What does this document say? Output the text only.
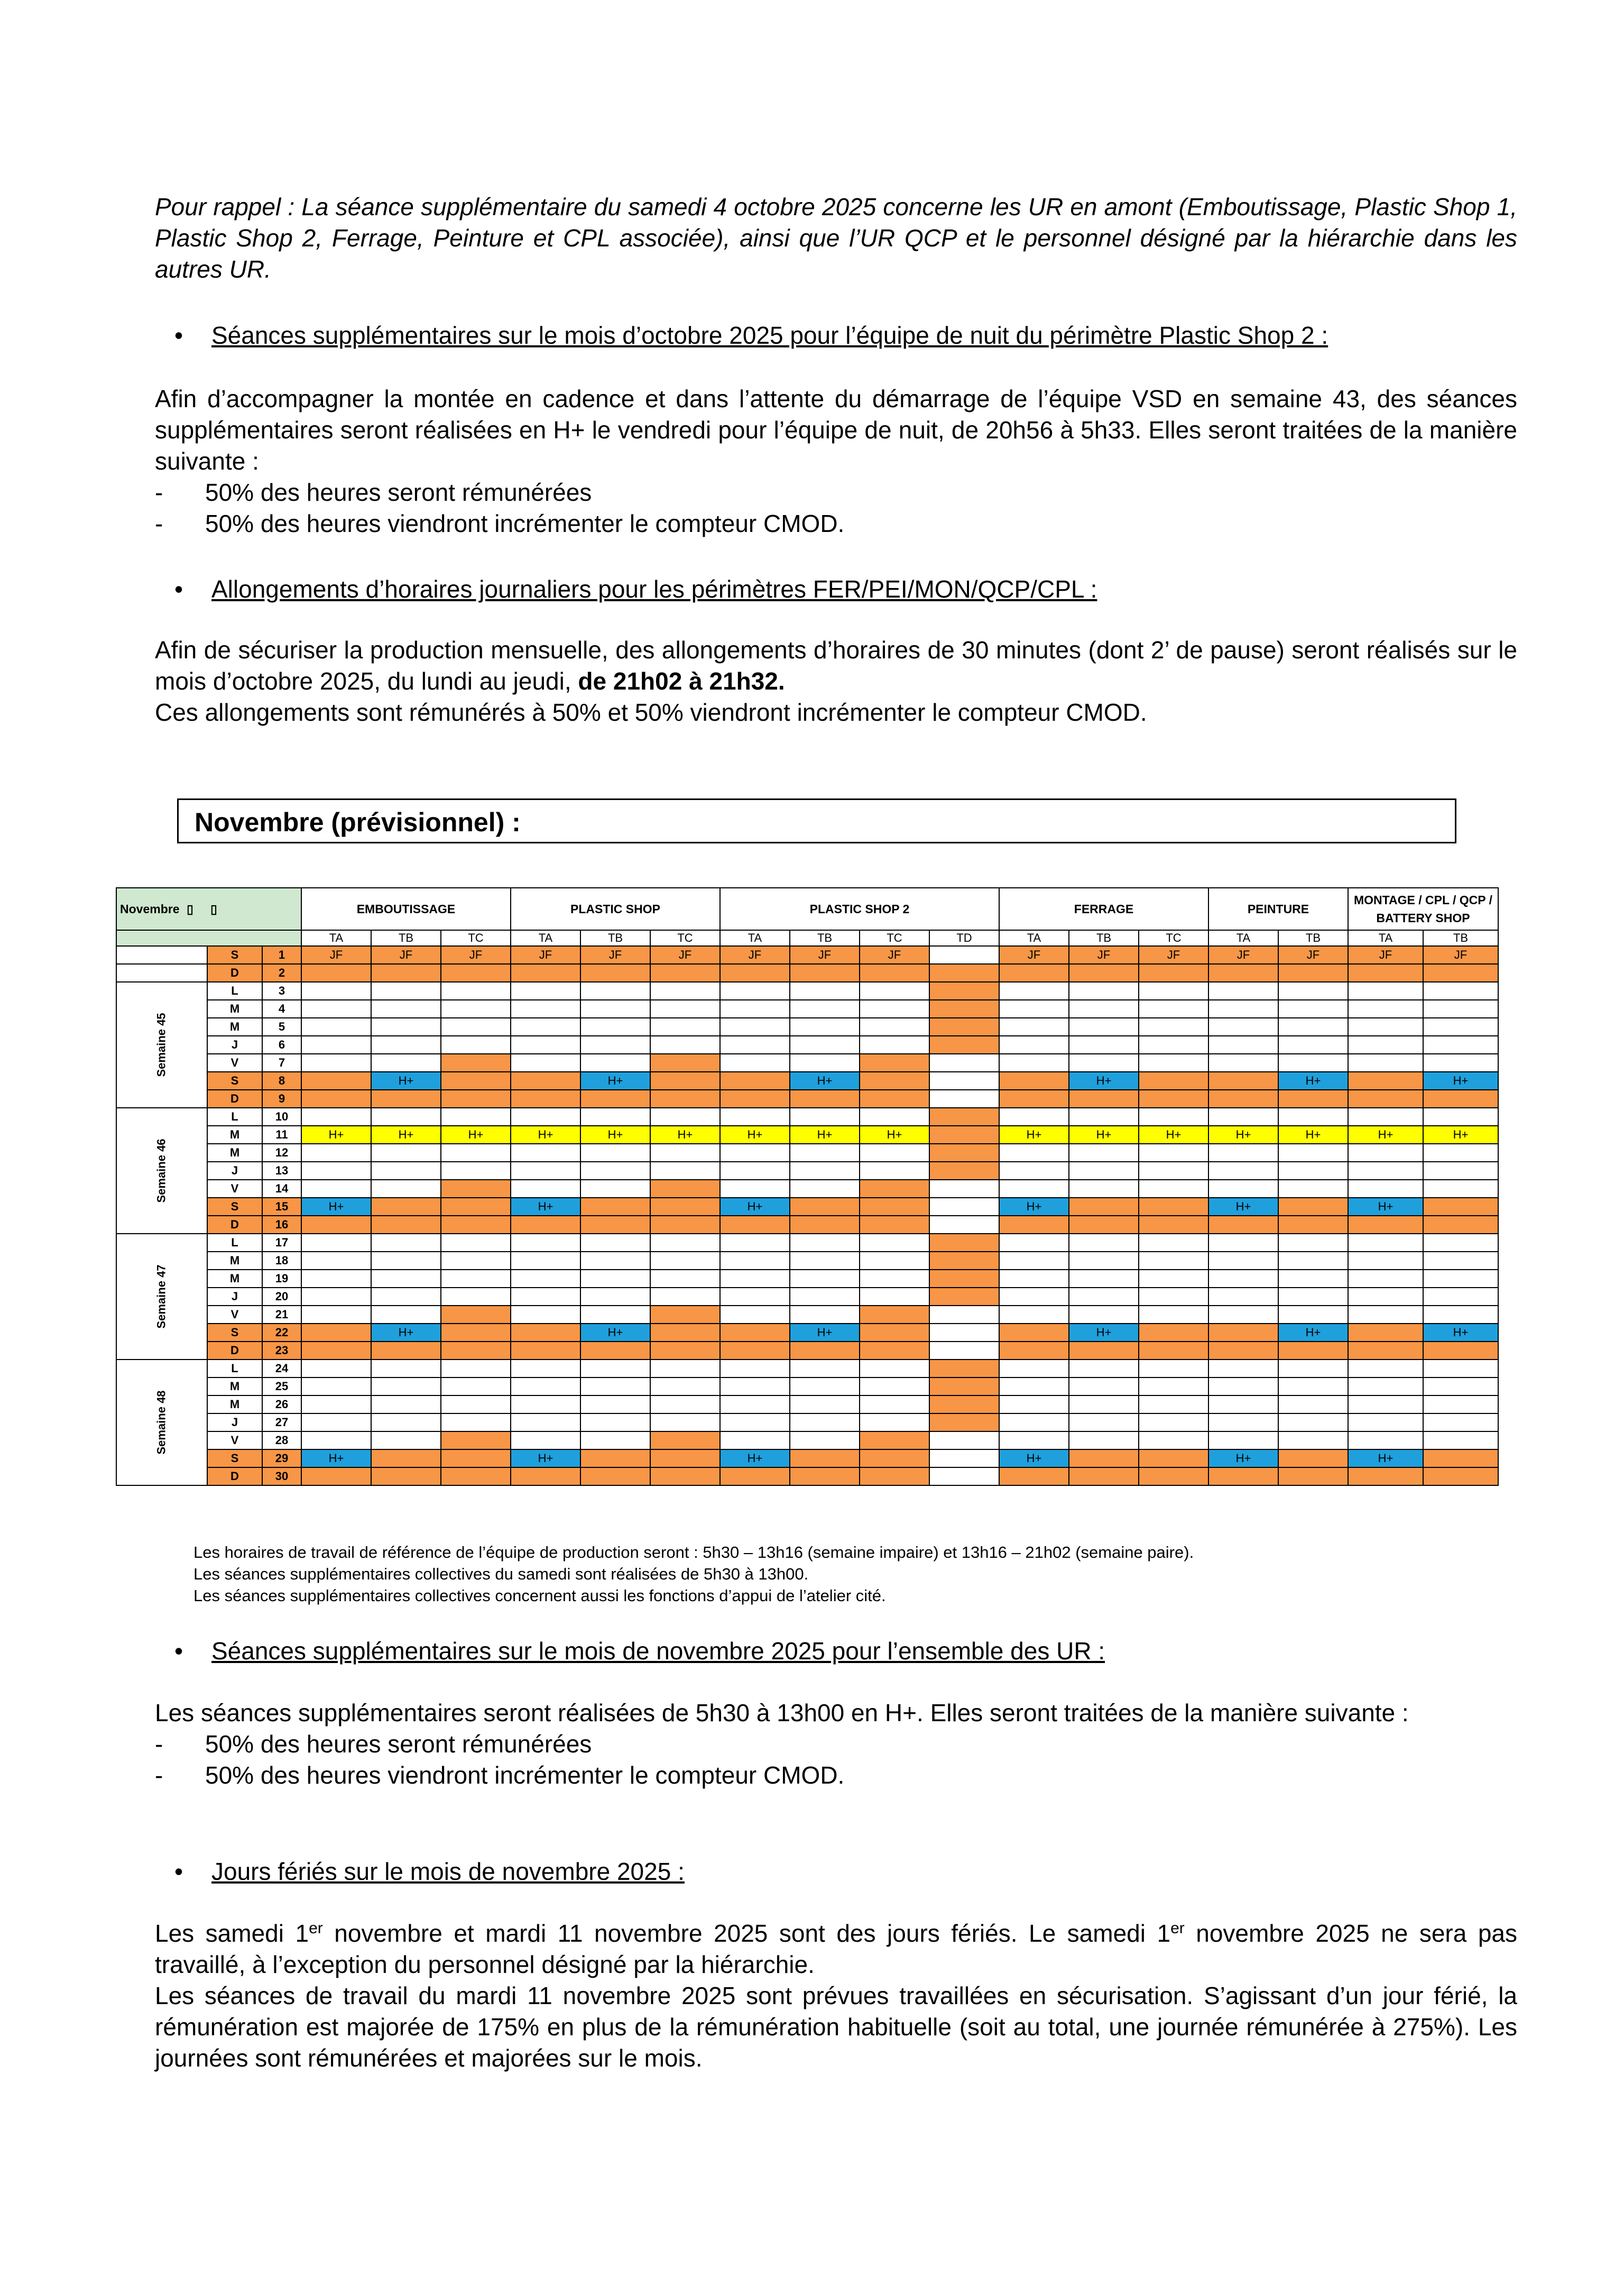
Pour rappel : La séance supplémentaire du samedi 4 octobre 2025 concerne les UR en amont (Emboutissage, Plastic Shop 1, Plastic Shop 2, Ferrage, Peinture et CPL associée), ainsi que l’UR QCP et le personnel désigné par la hiérarchie dans les autres UR.

• Séances supplémentaires sur le mois d’octobre 2025 pour l’équipe de nuit du périmètre Plastic Shop 2 :
Afin d’accompagner la montée en cadence et dans l’attente du démarrage de l’équipe VSD en semaine 43, des séances supplémentaires seront réalisées en H+ le vendredi pour l’équipe de nuit, de 20h56 à 5h33. Elles seront traitées de la manière suivante :
- 50% des heures seront rémunérées
- 50% des heures viendront incrémenter le compteur CMOD.
• Allongements d’horaires journaliers pour les périmètres FER/PEI/MON/QCP/CPL :
Afin de sécuriser la production mensuelle, des allongements d’horaires de 30 minutes (dont 2’ de pause) seront réalisés sur le mois d’octobre 2025, du lundi au jeudi, de 21h02 à 21h32.
Ces allongements sont rémunérés à 50% et 50% viendront incrémenter le compteur CMOD.
Novembre (prévisionnel) :
Novembre ▯ ▯			EMBOUTISSAGE			PLASTIC SHOP			PLASTIC SHOP 2				FERRAGE			PEINTURE		MONTAGE / CPL / QCP / BATTERY SHOP	
			TA	TB	TC	TA	TB	TC	TA	TB	TC	TD	TA	TB	TC	TA	TB	TA	TB
	S	1	JF	JF	JF	JF	JF	JF	JF	JF	JF		JF	JF	JF	JF	JF	JF	JF
	D	2																	
Semaine 45	L	3																	
	M	4																	
	M	5																	
	J	6																	
	V	7																	
	S	8		H+			H+			H+				H+			H+		H+
	D	9																	
Semaine 46	L	10																	
	M	11	H+	H+	H+	H+	H+	H+	H+	H+	H+		H+	H+	H+	H+	H+	H+	H+
	M	12																	
	J	13																	
	V	14																	
	S	15	H+			H+			H+				H+			H+		H+	
	D	16																	
Semaine 47	L	17																	
	M	18																	
	M	19																	
	J	20																	
	V	21																	
	S	22		H+			H+			H+				H+			H+		H+
	D	23																	
Semaine 48	L	24																	
	M	25																	
	M	26																	
	J	27																	
	V	28																	
	S	29	H+			H+			H+				H+			H+		H+	
	D	30																	
Les horaires de travail de référence de l’équipe de production seront : 5h30 – 13h16 (semaine impaire) et 13h16 – 21h02 (semaine paire).
Les séances supplémentaires collectives du samedi sont réalisées de 5h30 à 13h00.
Les séances supplémentaires collectives concernent aussi les fonctions d’appui de l’atelier cité.
• Séances supplémentaires sur le mois de novembre 2025 pour l’ensemble des UR :
Les séances supplémentaires seront réalisées de 5h30 à 13h00 en H+. Elles seront traitées de la manière suivante :
- 50% des heures seront rémunérées
- 50% des heures viendront incrémenter le compteur CMOD.
• Jours fériés sur le mois de novembre 2025 :
Les samedi 1er novembre et mardi 11 novembre 2025 sont des jours fériés. Le samedi 1er novembre 2025 ne sera pas travaillé, à l’exception du personnel désigné par la hiérarchie.
Les séances de travail du mardi 11 novembre 2025 sont prévues travaillées en sécurisation. S’agissant d’un jour férié, la rémunération est majorée de 175% en plus de la rémunération habituelle (soit au total, une journée rémunérée à 275%). Les journées sont rémunérées et majorées sur le mois.
